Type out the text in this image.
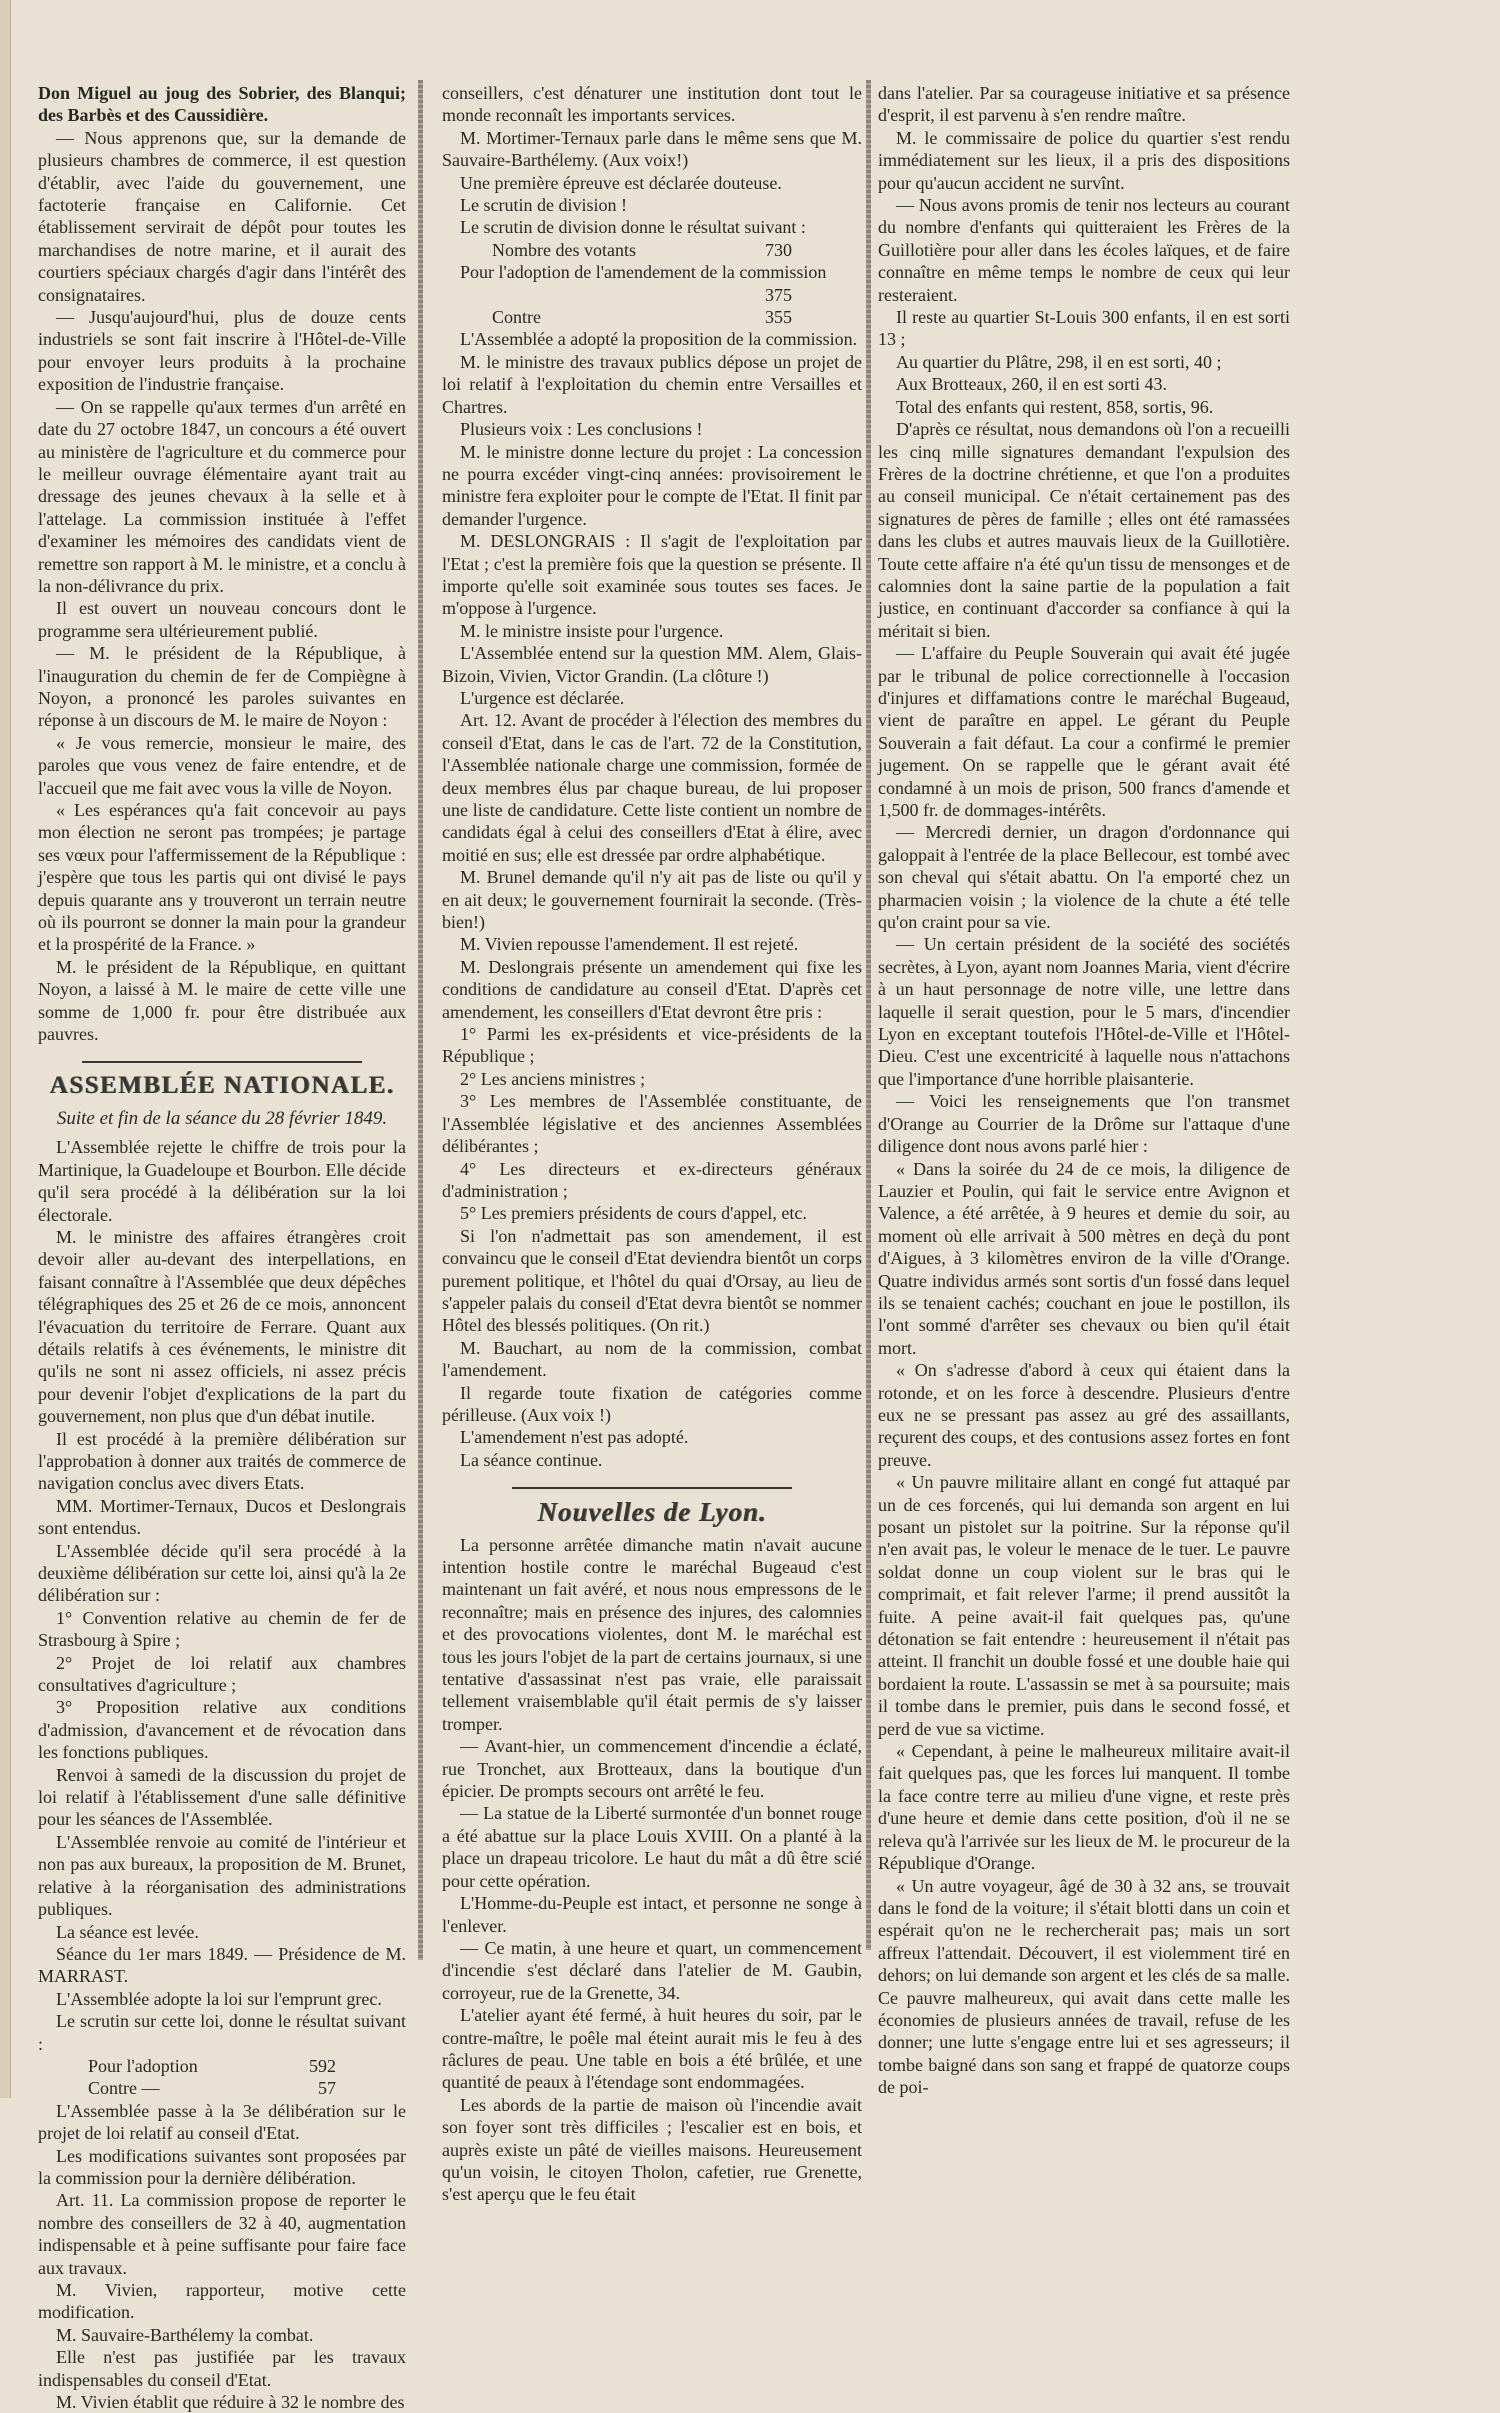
Don Miguel au joug des Sobrier, des Blanqui; des Barbès et des Caussidière.

— Nous apprenons que, sur la demande de plusieurs chambres de commerce, il est question d'établir, avec l'aide du gouvernement, une factoterie française en Californie. Cet établissement servirait de dépôt pour toutes les marchandises de notre marine, et il aurait des courtiers spéciaux chargés d'agir dans l'intérêt des consignataires.

— Jusqu'aujourd'hui, plus de douze cents industriels se sont fait inscrire à l'Hôtel-de-Ville pour envoyer leurs produits à la prochaine exposition de l'industrie française.

— On se rappelle qu'aux termes d'un arrêté en date du 27 octobre 1847, un concours a été ouvert au ministère de l'agriculture et du commerce pour le meilleur ouvrage élémentaire ayant trait au dressage des jeunes chevaux à la selle et à l'attelage. La commission instituée à l'effet d'examiner les mémoires des candidats vient de remettre son rapport à M. le ministre, et a conclu à la non-délivrance du prix.

Il est ouvert un nouveau concours dont le programme sera ultérieurement publié.

— M. le président de la République, à l'inauguration du chemin de fer de Compiègne à Noyon, a prononcé les paroles suivantes en réponse à un discours de M. le maire de Noyon :

« Je vous remercie, monsieur le maire, des paroles que vous venez de faire entendre, et de l'accueil que me fait avec vous la ville de Noyon.

« Les espérances qu'a fait concevoir au pays mon élection ne seront pas trompées; je partage ses vœux pour l'affermissement de la République : j'espère que tous les partis qui ont divisé le pays depuis quarante ans y trouveront un terrain neutre où ils pourront se donner la main pour la grandeur et la prospérité de la France. »

M. le président de la République, en quittant Noyon, a laissé à M. le maire de cette ville une somme de 1,000 fr. pour être distribuée aux pauvres.

ASSEMBLÉE NATIONALE.

Suite et fin de la séance du 28 février 1849.

L'Assemblée rejette le chiffre de trois pour la Martinique, la Guadeloupe et Bourbon. Elle décide qu'il sera procédé à la délibération sur la loi électorale.

M. le ministre des affaires étrangères croit devoir aller au-devant des interpellations, en faisant connaître à l'Assemblée que deux dépêches télégraphiques des 25 et 26 de ce mois, annoncent l'évacuation du territoire de Ferrare. Quant aux détails relatifs à ces événements, le ministre dit qu'ils ne sont ni assez officiels, ni assez précis pour devenir l'objet d'explications de la part du gouvernement, non plus que d'un débat inutile.

Il est procédé à la première délibération sur l'approbation à donner aux traités de commerce de navigation conclus avec divers Etats.

MM. Mortimer-Ternaux, Ducos et Deslongrais sont entendus.

L'Assemblée décide qu'il sera procédé à la deuxième délibération sur cette loi, ainsi qu'à la 2e délibération sur :

1° Convention relative au chemin de fer de Strasbourg à Spire ;

2° Projet de loi relatif aux chambres consultatives d'agriculture ;

3° Proposition relative aux conditions d'admission, d'avancement et de révocation dans les fonctions publiques.

Renvoi à samedi de la discussion du projet de loi relatif à l'établissement d'une salle définitive pour les séances de l'Assemblée.

L'Assemblée renvoie au comité de l'intérieur et non pas aux bureaux, la proposition de M. Brunet, relative à la réorganisation des administrations publiques.

La séance est levée.

Séance du 1er mars 1849. — Présidence de M. MARRAST.

L'Assemblée adopte la loi sur l'emprunt grec.

Le scrutin sur cette loi, donne le résultat suivant :

Pour l'adoption	592
Contre —	57

L'Assemblée passe à la 3e délibération sur le projet de loi relatif au conseil d'Etat.

Les modifications suivantes sont proposées par la commission pour la dernière délibération.

Art. 11. La commission propose de reporter le nombre des conseillers de 32 à 40, augmentation indispensable et à peine suffisante pour faire face aux travaux.

M. Vivien, rapporteur, motive cette modification.

M. Sauvaire-Barthélemy la combat.

Elle n'est pas justifiée par les travaux indispensables du conseil d'Etat.

M. Vivien établit que réduire à 32 le nombre des

conseillers, c'est dénaturer une institution dont tout le monde reconnaît les importants services.

M. Mortimer-Ternaux parle dans le même sens que M. Sauvaire-Barthélemy. (Aux voix!)

Une première épreuve est déclarée douteuse.

Le scrutin de division !

Le scrutin de division donne le résultat suivant :

Nombre des votants	730

Pour l'adoption de l'amendement de la commission

375
Contre	355

L'Assemblée a adopté la proposition de la commission.

M. le ministre des travaux publics dépose un projet de loi relatif à l'exploitation du chemin entre Versailles et Chartres.

Plusieurs voix : Les conclusions !

M. le ministre donne lecture du projet : La concession ne pourra excéder vingt-cinq années: provisoirement le ministre fera exploiter pour le compte de l'Etat. Il finit par demander l'urgence.

M. DESLONGRAIS : Il s'agit de l'exploitation par l'Etat ; c'est la première fois que la question se présente. Il importe qu'elle soit examinée sous toutes ses faces. Je m'oppose à l'urgence.

M. le ministre insiste pour l'urgence.

L'Assemblée entend sur la question MM. Alem, Glais-Bizoin, Vivien, Victor Grandin. (La clôture !)

L'urgence est déclarée.

Art. 12. Avant de procéder à l'élection des membres du conseil d'Etat, dans le cas de l'art. 72 de la Constitution, l'Assemblée nationale charge une commission, formée de deux membres élus par chaque bureau, de lui proposer une liste de candidature. Cette liste contient un nombre de candidats égal à celui des conseillers d'Etat à élire, avec moitié en sus; elle est dressée par ordre alphabétique.

M. Brunel demande qu'il n'y ait pas de liste ou qu'il y en ait deux; le gouvernement fournirait la seconde. (Très-bien!)

M. Vivien repousse l'amendement. Il est rejeté.

M. Deslongrais présente un amendement qui fixe les conditions de candidature au conseil d'Etat. D'après cet amendement, les conseillers d'Etat devront être pris :

1° Parmi les ex-présidents et vice-présidents de la République ;

2° Les anciens ministres ;

3° Les membres de l'Assemblée constituante, de l'Assemblée législative et des anciennes Assemblées délibérantes ;

4° Les directeurs et ex-directeurs généraux d'administration ;

5° Les premiers présidents de cours d'appel, etc.

Si l'on n'admettait pas son amendement, il est convaincu que le conseil d'Etat deviendra bientôt un corps purement politique, et l'hôtel du quai d'Orsay, au lieu de s'appeler palais du conseil d'Etat devra bientôt se nommer Hôtel des blessés politiques. (On rit.)

M. Bauchart, au nom de la commission, combat l'amendement.

Il regarde toute fixation de catégories comme périlleuse. (Aux voix !)

L'amendement n'est pas adopté.

La séance continue.

Nouvelles de Lyon.

La personne arrêtée dimanche matin n'avait aucune intention hostile contre le maréchal Bugeaud c'est maintenant un fait avéré, et nous nous empressons de le reconnaître; mais en présence des injures, des calomnies et des provocations violentes, dont M. le maréchal est tous les jours l'objet de la part de certains journaux, si une tentative d'assassinat n'est pas vraie, elle paraissait tellement vraisemblable qu'il était permis de s'y laisser tromper.

— Avant-hier, un commencement d'incendie a éclaté, rue Tronchet, aux Brotteaux, dans la boutique d'un épicier. De prompts secours ont arrêté le feu.

— La statue de la Liberté surmontée d'un bonnet rouge a été abattue sur la place Louis XVIII. On a planté à la place un drapeau tricolore. Le haut du mât a dû être scié pour cette opération.

L'Homme-du-Peuple est intact, et personne ne songe à l'enlever.

— Ce matin, à une heure et quart, un commencement d'incendie s'est déclaré dans l'atelier de M. Gaubin, corroyeur, rue de la Grenette, 34.

L'atelier ayant été fermé, à huit heures du soir, par le contre-maître, le poêle mal éteint aurait mis le feu à des râclures de peau. Une table en bois a été brûlée, et une quantité de peaux à l'étendage sont endommagées.

Les abords de la partie de maison où l'incendie avait son foyer sont très difficiles ; l'escalier est en bois, et auprès existe un pâté de vieilles maisons. Heureusement qu'un voisin, le citoyen Tholon, cafetier, rue Grenette, s'est aperçu que le feu était

dans l'atelier. Par sa courageuse initiative et sa présence d'esprit, il est parvenu à s'en rendre maître.

M. le commissaire de police du quartier s'est rendu immédiatement sur les lieux, il a pris des dispositions pour qu'aucun accident ne survînt.

— Nous avons promis de tenir nos lecteurs au courant du nombre d'enfants qui quitteraient les Frères de la Guillotière pour aller dans les écoles laïques, et de faire connaître en même temps le nombre de ceux qui leur resteraient.

Il reste au quartier St-Louis 300 enfants, il en est sorti 13 ;

Au quartier du Plâtre, 298, il en est sorti, 40 ;

Aux Brotteaux, 260, il en est sorti 43.

Total des enfants qui restent, 858, sortis, 96.

D'après ce résultat, nous demandons où l'on a recueilli les cinq mille signatures demandant l'expulsion des Frères de la doctrine chrétienne, et que l'on a produites au conseil municipal. Ce n'était certainement pas des signatures de pères de famille ; elles ont été ramassées dans les clubs et autres mauvais lieux de la Guillotière. Toute cette affaire n'a été qu'un tissu de mensonges et de calomnies dont la saine partie de la population a fait justice, en continuant d'accorder sa confiance à qui la méritait si bien.

— L'affaire du Peuple Souverain qui avait été jugée par le tribunal de police correctionnelle à l'occasion d'injures et diffamations contre le maréchal Bugeaud, vient de paraître en appel. Le gérant du Peuple Souverain a fait défaut. La cour a confirmé le premier jugement. On se rappelle que le gérant avait été condamné à un mois de prison, 500 francs d'amende et 1,500 fr. de dommages-intérêts.

— Mercredi dernier, un dragon d'ordonnance qui galoppait à l'entrée de la place Bellecour, est tombé avec son cheval qui s'était abattu. On l'a emporté chez un pharmacien voisin ; la violence de la chute a été telle qu'on craint pour sa vie.

— Un certain président de la société des sociétés secrètes, à Lyon, ayant nom Joannes Maria, vient d'écrire à un haut personnage de notre ville, une lettre dans laquelle il serait question, pour le 5 mars, d'incendier Lyon en exceptant toutefois l'Hôtel-de-Ville et l'Hôtel-Dieu. C'est une excentricité à laquelle nous n'attachons que l'importance d'une horrible plaisanterie.

— Voici les renseignements que l'on transmet d'Orange au Courrier de la Drôme sur l'attaque d'une diligence dont nous avons parlé hier :

« Dans la soirée du 24 de ce mois, la diligence de Lauzier et Poulin, qui fait le service entre Avignon et Valence, a été arrêtée, à 9 heures et demie du soir, au moment où elle arrivait à 500 mètres en deçà du pont d'Aigues, à 3 kilomètres environ de la ville d'Orange. Quatre individus armés sont sortis d'un fossé dans lequel ils se tenaient cachés; couchant en joue le postillon, ils l'ont sommé d'arrêter ses chevaux ou bien qu'il était mort.

« On s'adresse d'abord à ceux qui étaient dans la rotonde, et on les force à descendre. Plusieurs d'entre eux ne se pressant pas assez au gré des assaillants, reçurent des coups, et des contusions assez fortes en font preuve.

« Un pauvre militaire allant en congé fut attaqué par un de ces forcenés, qui lui demanda son argent en lui posant un pistolet sur la poitrine. Sur la réponse qu'il n'en avait pas, le voleur le menace de le tuer. Le pauvre soldat donne un coup violent sur le bras qui le comprimait, et fait relever l'arme; il prend aussitôt la fuite. A peine avait-il fait quelques pas, qu'une détonation se fait entendre : heureusement il n'était pas atteint. Il franchit un double fossé et une double haie qui bordaient la route. L'assassin se met à sa poursuite; mais il tombe dans le premier, puis dans le second fossé, et perd de vue sa victime.

« Cependant, à peine le malheureux militaire avait-il fait quelques pas, que les forces lui manquent. Il tombe la face contre terre au milieu d'une vigne, et reste près d'une heure et demie dans cette position, d'où il ne se releva qu'à l'arrivée sur les lieux de M. le procureur de la République d'Orange.

« Un autre voyageur, âgé de 30 à 32 ans, se trouvait dans le fond de la voiture; il s'était blotti dans un coin et espérait qu'on ne le rechercherait pas; mais un sort affreux l'attendait. Découvert, il est violemment tiré en dehors; on lui demande son argent et les clés de sa malle. Ce pauvre malheureux, qui avait dans cette malle les économies de plusieurs années de travail, refuse de les donner; une lutte s'engage entre lui et ses agresseurs; il tombe baigné dans son sang et frappé de quatorze coups de poi-
